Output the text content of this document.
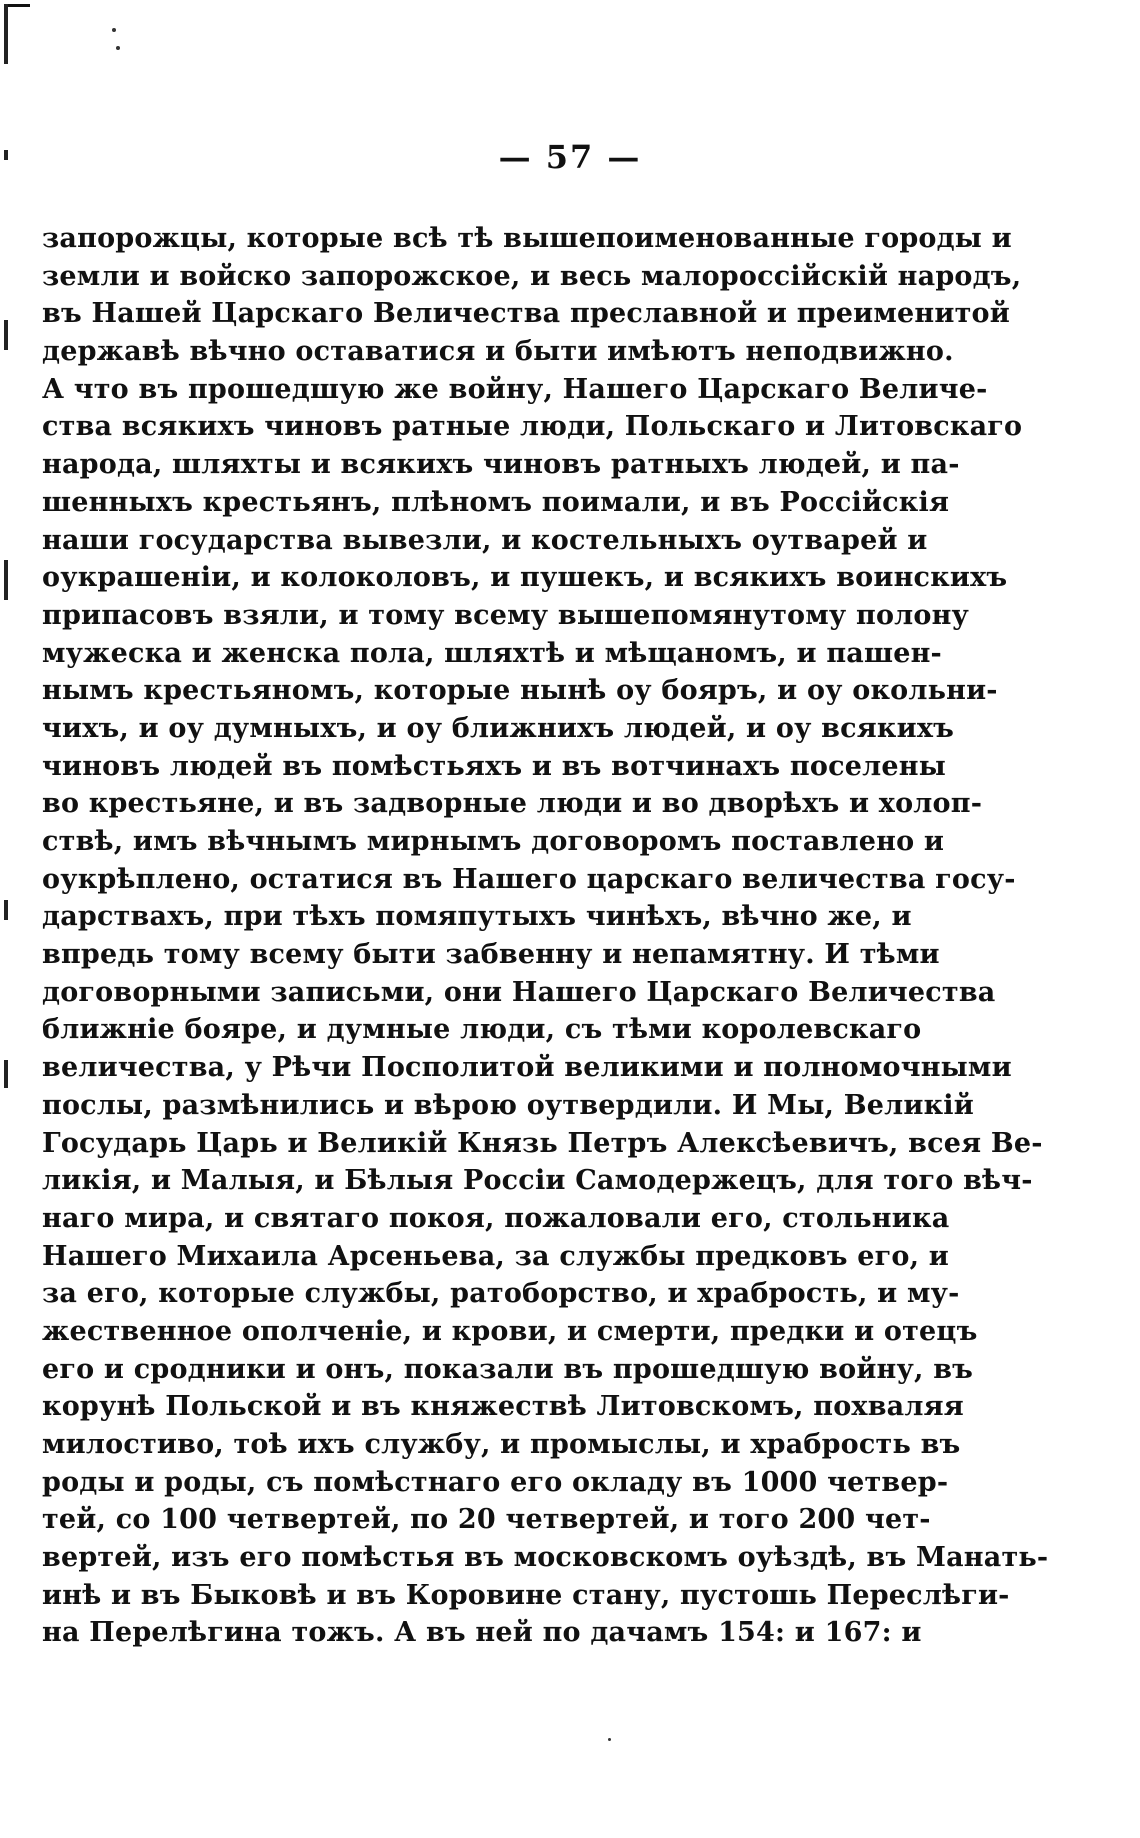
— 57 —
запорожцы, которые всѣ тѣ вышепоименованные городы и
земли и войско запорожское, и весь малороссійскій народъ,
въ Нашей Царскаго Величества преславной и преименитой
державѣ вѣчно оставатися и быти имѣютъ неподвижно.
А что въ прошедшую же войну, Нашего Царскаго Величе-
ства всякихъ чиновъ ратные люди, Польскаго и Литовскаго
народа, шляхты и всякихъ чиновъ ратныхъ людей, и па-
шенныхъ крестьянъ, плѣномъ поимали, и въ Россійскія
наши государства вывезли, и костельныхъ оутварей и
оукрашеніи, и колоколовъ, и пушекъ, и всякихъ воинскихъ
припасовъ взяли, и тому всему вышепомянутому полону
мужеска и женска пола, шляхтѣ и мѣщаномъ, и пашен-
нымъ крестьяномъ, которые нынѣ оу бояръ, и оу окольни-
чихъ, и оу думныхъ, и оу ближнихъ людей, и оу всякихъ
чиновъ людей въ помѣстьяхъ и въ вотчинахъ поселены
во крестьяне, и въ задворные люди и во дворѣхъ и холоп-
ствѣ, имъ вѣчнымъ мирнымъ договоромъ поставлено и
оукрѣплено, остатися въ Нашего царскаго величества госу-
дарствахъ, при тѣхъ помяпутыхъ чинѣхъ, вѣчно же, и
впредь тому всему быти забвенну и непамятну. И тѣми
договорными записьми, они Нашего Царскаго Величества
ближніе бояре, и думные люди, съ тѣми королевскаго
величества, у Рѣчи Посполитой великими и полномочными
послы, размѣнились и вѣрою оутвердили. И Мы, Великій
Государь Царь и Великій Князь Петръ Алексѣевичъ, всея Ве-
ликія, и Малыя, и Бѣлыя Россіи Самодержецъ, для того вѣч-
наго мира, и святаго покоя, пожаловали его, стольника
Нашего Михаила Арсеньева, за службы предковъ его, и
за его, которые службы, ратоборство, и храбрость, и му-
жественное ополченіе, и крови, и смерти, предки и отецъ
его и сродники и онъ, показали въ прошедшую войну, въ
корунѣ Польской и въ княжествѣ Литовскомъ, похваляя
милостиво, тоѣ ихъ службу, и промыслы, и храбрость въ
роды и роды, съ помѣстнаго его окладу въ 1000 четвер-
тей, со 100 четвертей, по 20 четвертей, и того 200 чет-
вертей, изъ его помѣстья въ московскомъ оуѣздѣ, въ Манать-
инѣ и въ Быковѣ и въ Коровине стану, пустошь Переслѣги-
на Перелѣгина тожъ. А въ ней по дачамъ 154: и 167: и
